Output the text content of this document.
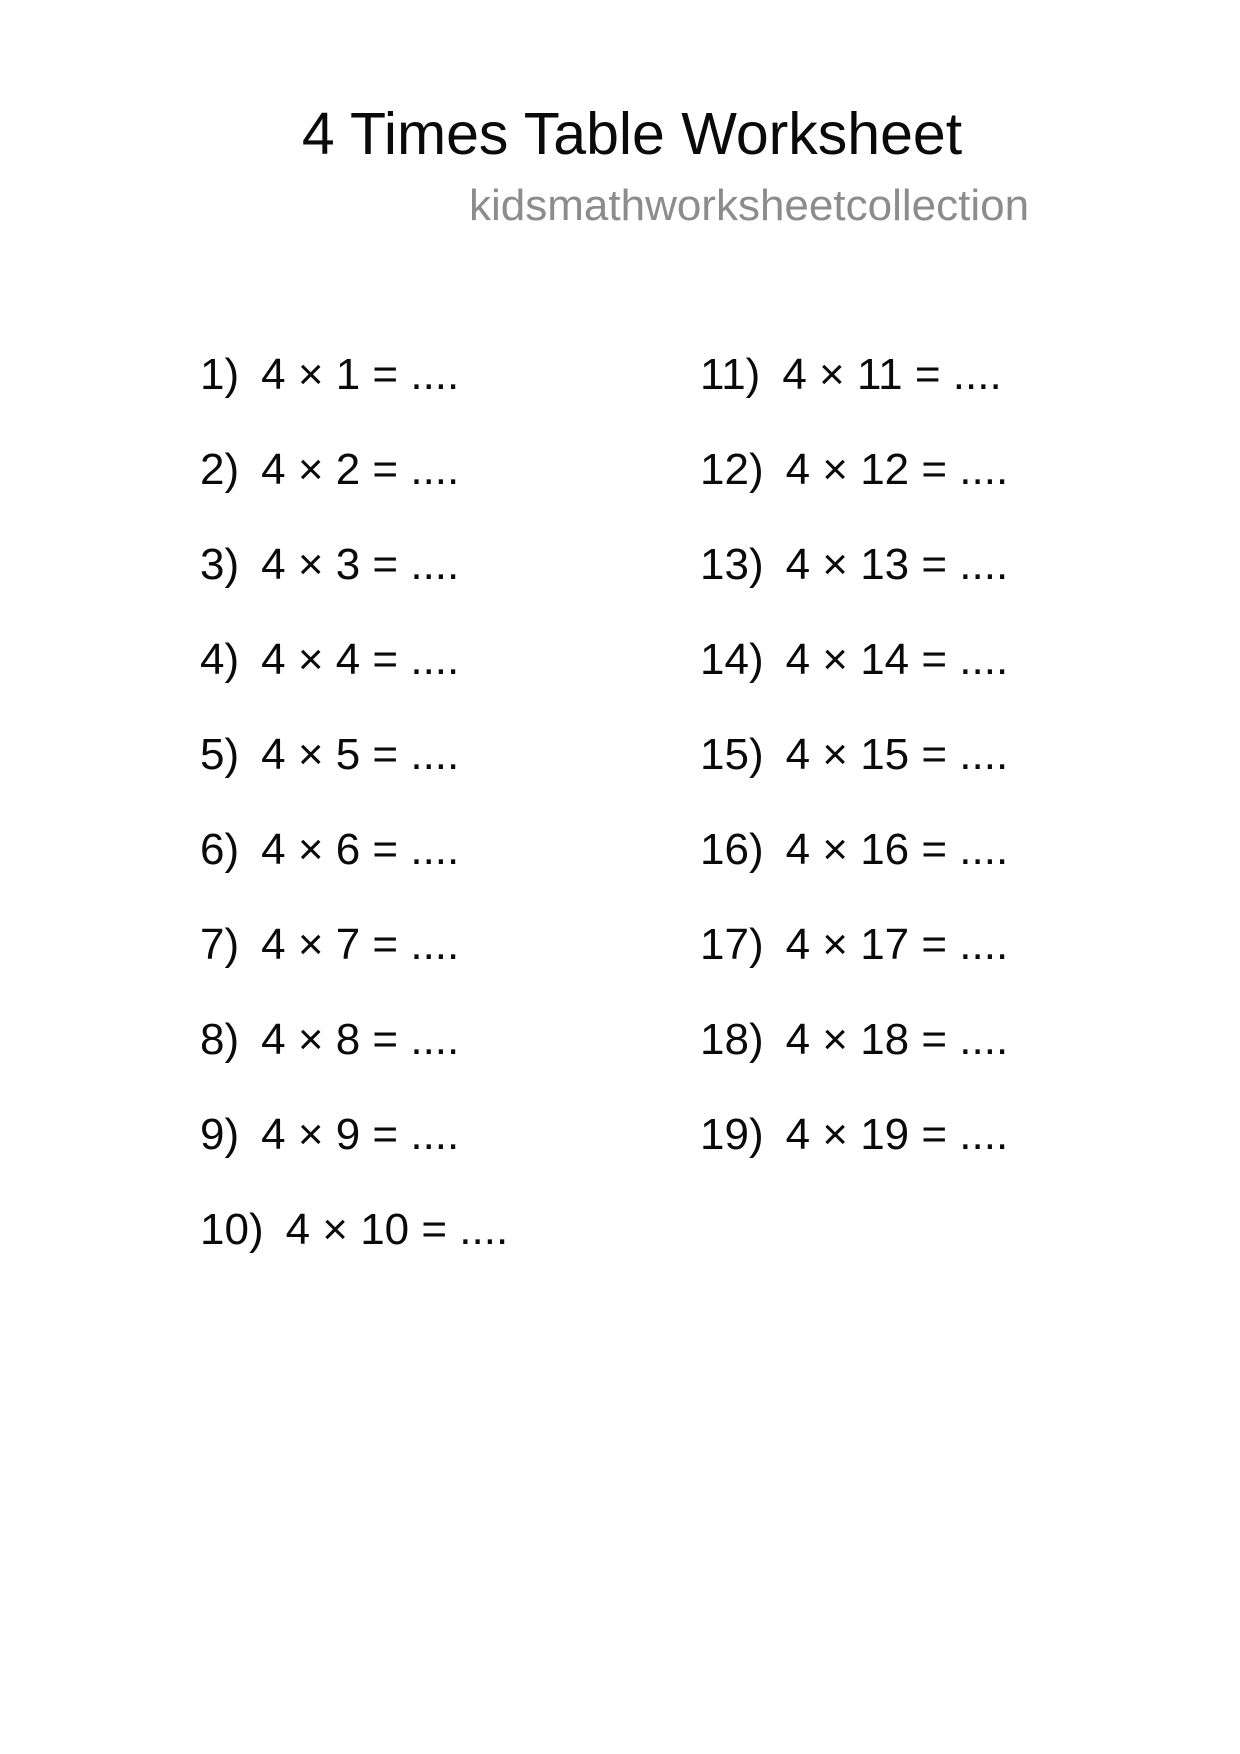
4 Times Table Worksheet
kidsmathworksheetcollection
1) 4 × 1 = ....
2) 4 × 2 = ....
3) 4 × 3 = ....
4) 4 × 4 = ....
5) 4 × 5 = ....
6) 4 × 6 = ....
7) 4 × 7 = ....
8) 4 × 8 = ....
9) 4 × 9 = ....
10) 4 × 10 = ....
11) 4 × 11 = ....
12) 4 × 12 = ....
13) 4 × 13 = ....
14) 4 × 14 = ....
15) 4 × 15 = ....
16) 4 × 16 = ....
17) 4 × 17 = ....
18) 4 × 18 = ....
19) 4 × 19 = ....
